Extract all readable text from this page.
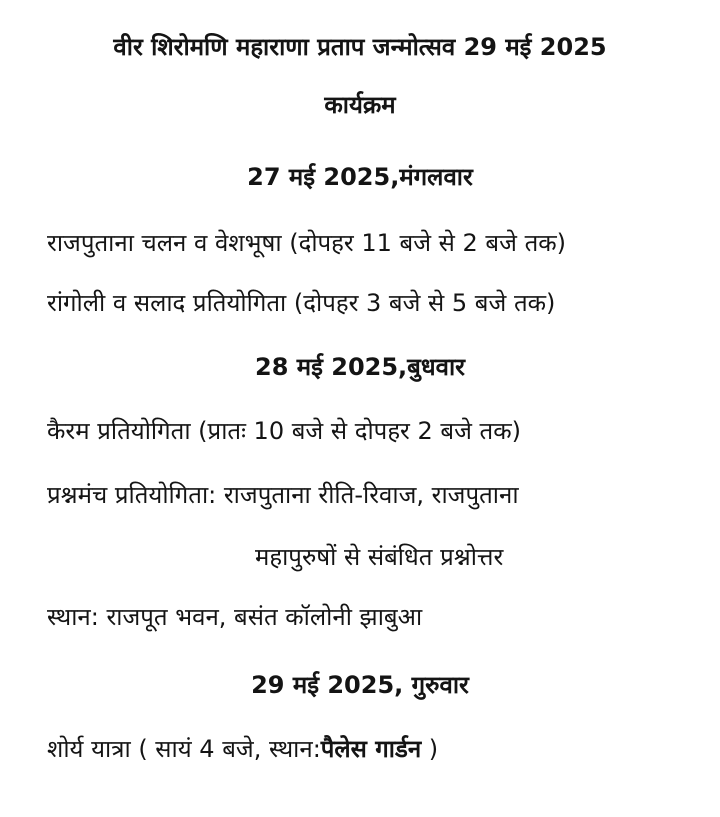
वीर शिरोमणि महाराणा प्रताप जन्मोत्सव 29 मई 2025
कार्यक्रम
27 मई 2025,मंगलवार
राजपुताना चलन व वेशभूषा (दोपहर 11 बजे से 2 बजे तक)
रांगोली व सलाद प्रतियोगिता (दोपहर 3 बजे से 5 बजे तक)
28 मई 2025,बुधवार
कैरम प्रतियोगिता (प्रातः 10 बजे से दोपहर 2 बजे तक)
प्रश्नमंच प्रतियोगिता: राजपुताना रीति-रिवाज, राजपुताना
महापुरुषों से संबंधित प्रश्नोत्तर
स्थान: राजपूत भवन, बसंत कॉलोनी झाबुआ
29 मई 2025, गुरुवार
शोर्य यात्रा ( सायं 4 बजे, स्थान:पैलेस गार्डन )
